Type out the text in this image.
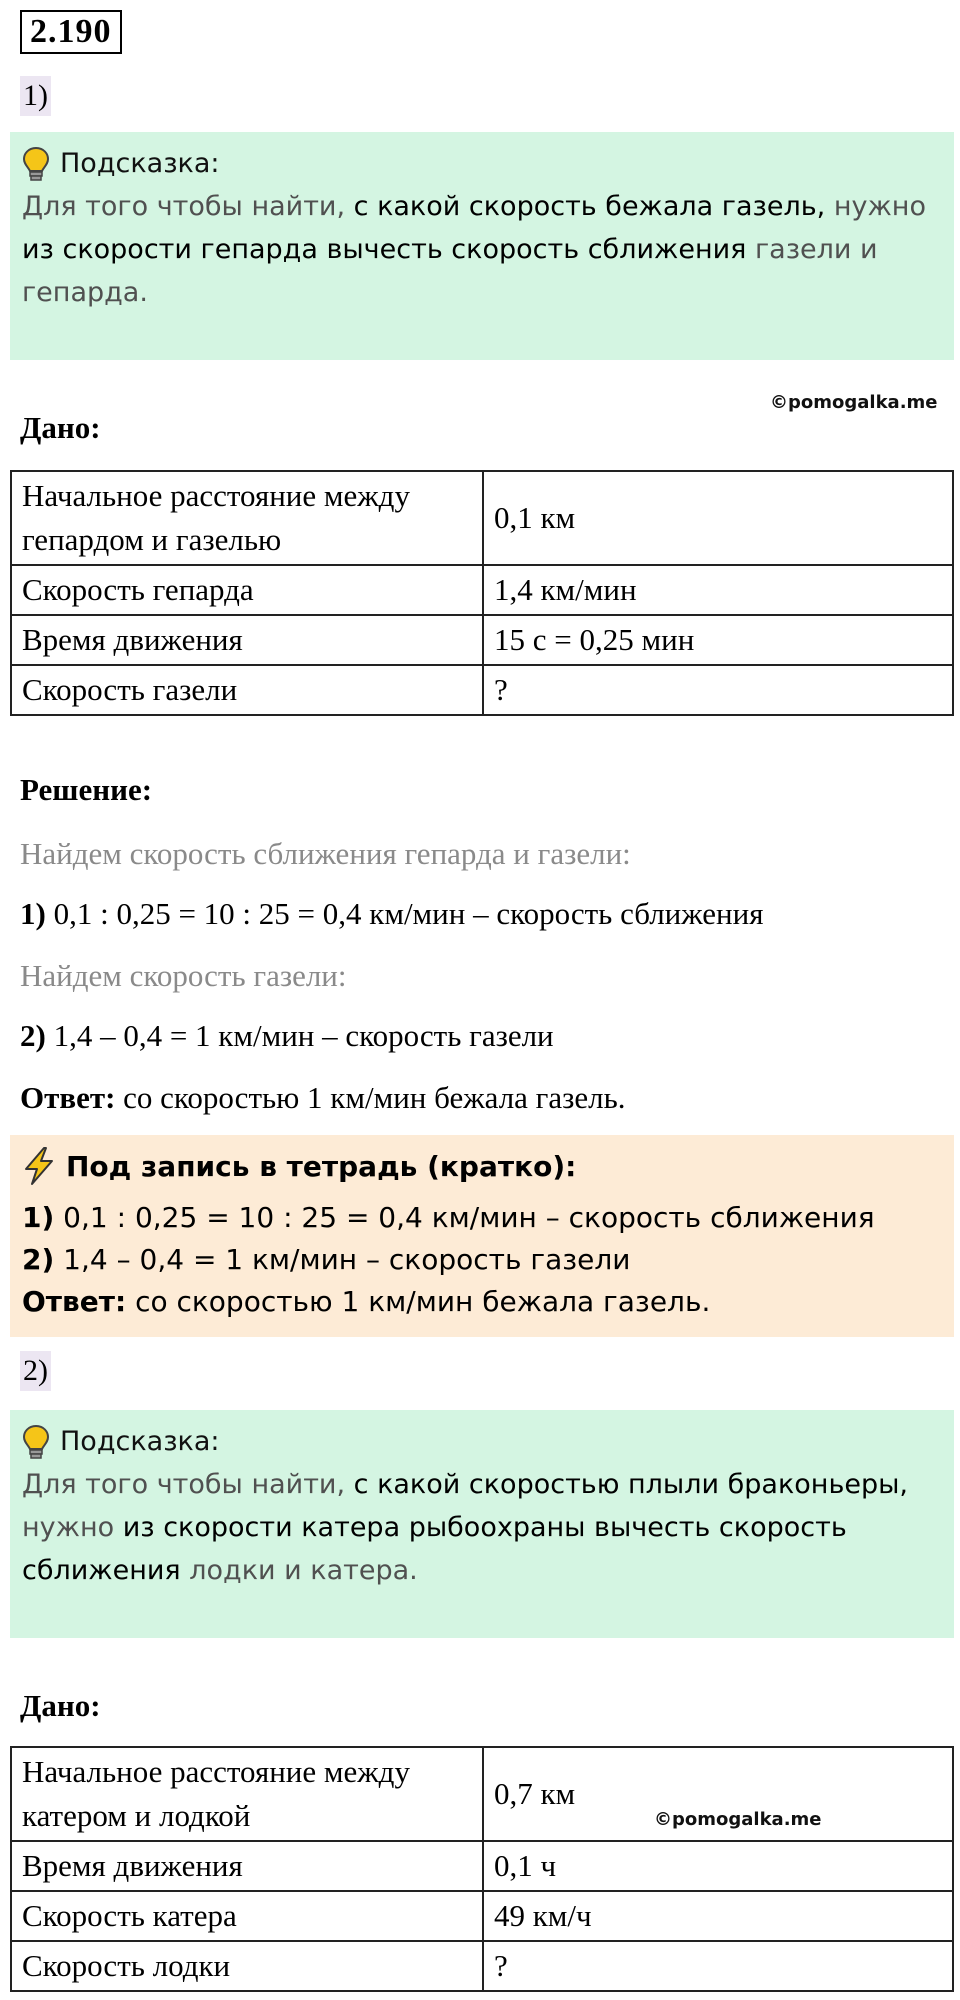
2.190
1)
Подсказка:
Для того чтобы найти, с какой скорость бежала газель, нужно
из скорости гепарда вычесть скорость сближения газели и
гепарда.
©pomogalka.me
Дано:
Начальное расстояние между
гепардом и газелью	0,1 км
Скорость гепарда	1,4 км/мин
Время движения	15 с = 0,25 мин
Скорость газели	?
Решение:
Найдем скорость сближения гепарда и газели:
1) 0,1 : 0,25 = 10 : 25 = 0,4 км/мин – скорость сближения
Найдем скорость газели:
2) 1,4 – 0,4 = 1 км/мин – скорость газели
Ответ: со скоростью 1 км/мин бежала газель.
Под запись в тетрадь (кратко):
1) 0,1 : 0,25 = 10 : 25 = 0,4 км/мин – скорость сближения
2) 1,4 – 0,4 = 1 км/мин – скорость газели
Ответ: со скоростью 1 км/мин бежала газель.
2)
Подсказка:
Для того чтобы найти, с какой скоростью плыли браконьеры,
нужно из скорости катера рыбоохраны вычесть скорость
сближения лодки и катера.
Дано:
Начальное расстояние между
катером и лодкой	0,7 км
©pomogalka.me

Время движения	0,1 ч
Скорость катера	49 км/ч
Скорость лодки	?
